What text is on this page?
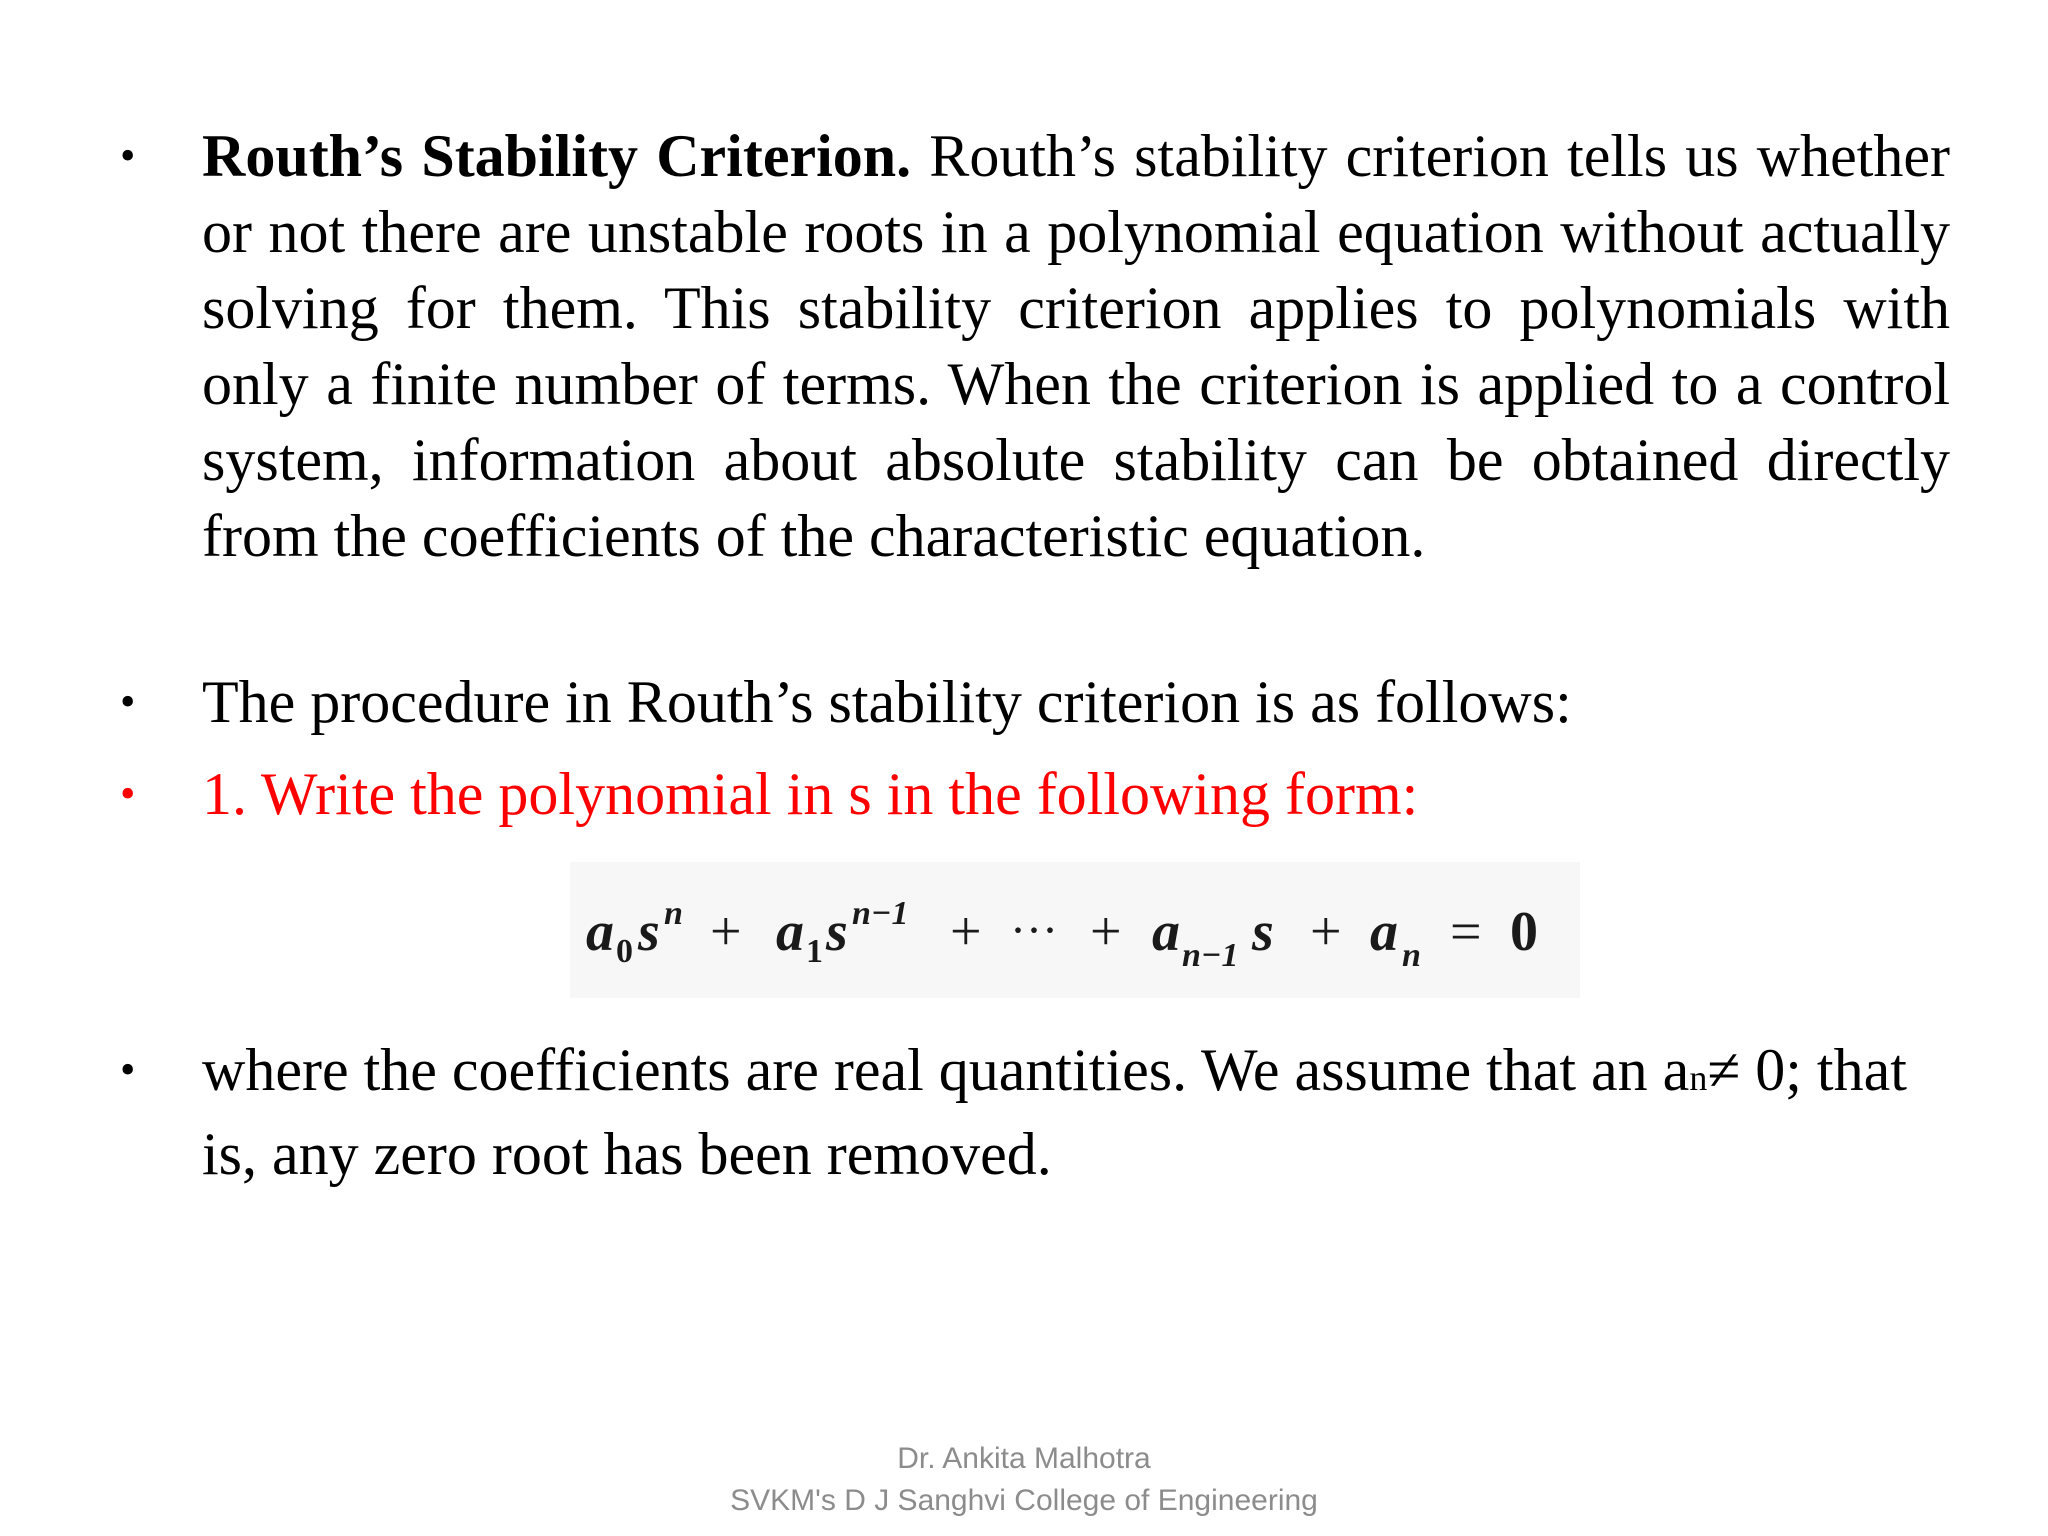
•	Routh’s Stability Criterion. Routh’s stability criterion tells us whether or not there are unstable roots in a polynomial equation without actually solving for them. This stability criterion applies to polynomials with only a finite number of terms. When the criterion is applied to a control system, information about absolute stability can be obtained directly from the coefficients of the characteristic equation.
•	The procedure in Routh’s stability criterion is as follows:
•	1. Write the polynomial in s in the following form:
a 0 s n + a 1 s n−1 + ··· + a n−1 s + a n = 0
•	where the coefficients are real quantities. We assume that an an≠ 0; that is, any zero root has been removed.
Dr. Ankita Malhotra
SVKM's D J Sanghvi College of Engineering
